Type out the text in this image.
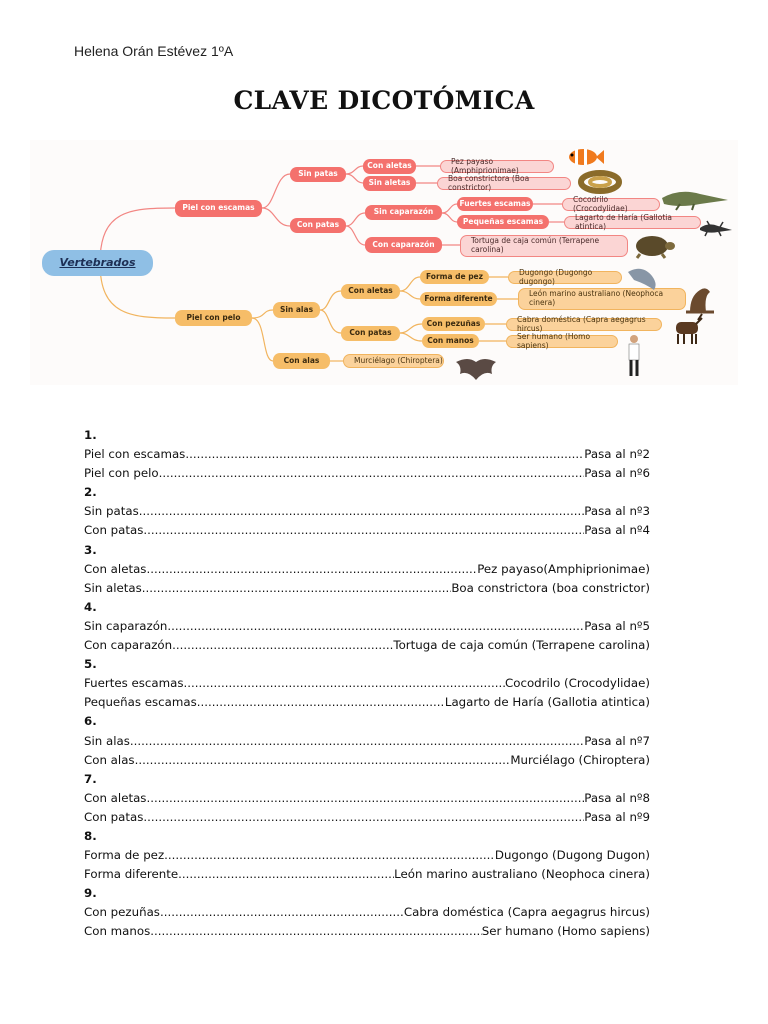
Helena Orán Estévez 1ºA
CLAVE DICOTÓMICA
Vertebrados
Piel con escamas
Sin patas
Con aletas	Pez payaso (Amphiprionimae)
Sin aletas	Boa constrictora (Boa constrictor)
Con patas
Sin caparazón
Fuertes escamas	Cocodrilo (Crocodylidae)
Pequeñas escamas	Lagarto de Haría (Gallotia atintica)
Con caparazón	Tortuga de caja común (Terrapene carolina)
Piel con pelo
Sin alas
Con aletas
Forma de pez	Dugongo (Dugongo dugongo)
Forma diferente	León marino australiano (Neophoca cinera)
Con patas
Con pezuñas	Cabra doméstica (Capra aegagrus hircus)
Con manos	Ser humano (Homo sapiens)
Con alas	Murciélago (Chiroptera)
1.
Piel con escamas .....	Pasa al nº2
Piel con pelo .....	Pasa al nº6
2.
Sin patas .....	Pasa al nº3
Con patas .....	Pasa al nº4
3.
Con aletas .....	Pez payaso(Amphiprionimae)
Sin aletas .....	Boa constrictora (boa constrictor)
4.
Sin caparazón .....	Pasa al nº5
Con caparazón .....	Tortuga de caja común (Terrapene carolina)
5.
Fuertes escamas .....	Cocodrilo (Crocodylidae)
Pequeñas escamas .....	Lagarto de Haría (Gallotia atintica)
6.
Sin alas .....	Pasa al nº7
Con alas .....	Murciélago (Chiroptera)
7.
Con aletas .....	Pasa al nº8
Con patas .....	Pasa al nº9
8.
Forma de pez .....	Dugongo (Dugong Dugon)
Forma diferente .....	León marino australiano (Neophoca cinera)
9.
Con pezuñas .....	Cabra doméstica (Capra aegagrus hircus)
Con manos .....	Ser humano (Homo sapiens)
